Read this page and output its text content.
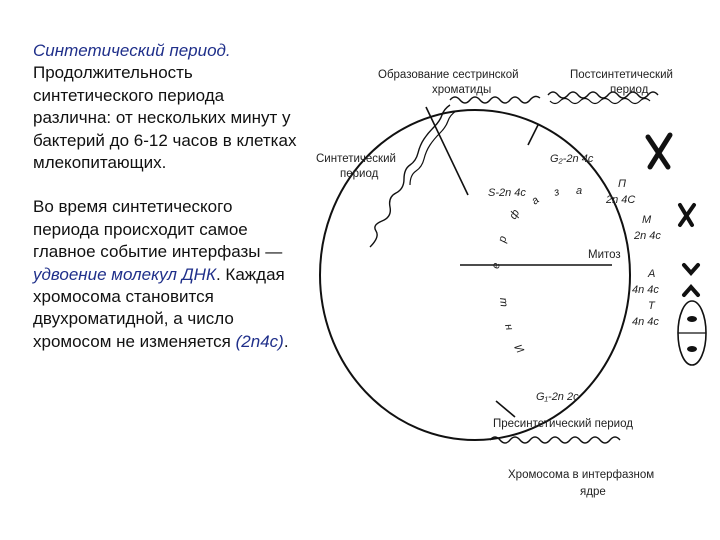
Синтетический период. Продолжительность синтетического периода различна: от нескольких минут у бактерий до 6-12 часов в клетках млекопитающих.

Во время синтетического периода происходит самое главное событие интерфазы — удвоение молекул ДНК. Каждая хромосома становится двухроматидной, а число хромосом не изменяется (2n4c).

Образование сестринской
хроматиды
Постсинтетический
период
Синтетический
период
Митоз
Пресинтетический период
Хромосома в интерфазном
ядре
G₂-2n 4c
S-2n 4c
G₁-2n 2c
П
2n 4C
М
2n 4c
А
4n 4c
Т
4n 4c
И
н
т
е
р
ф
а
з а
